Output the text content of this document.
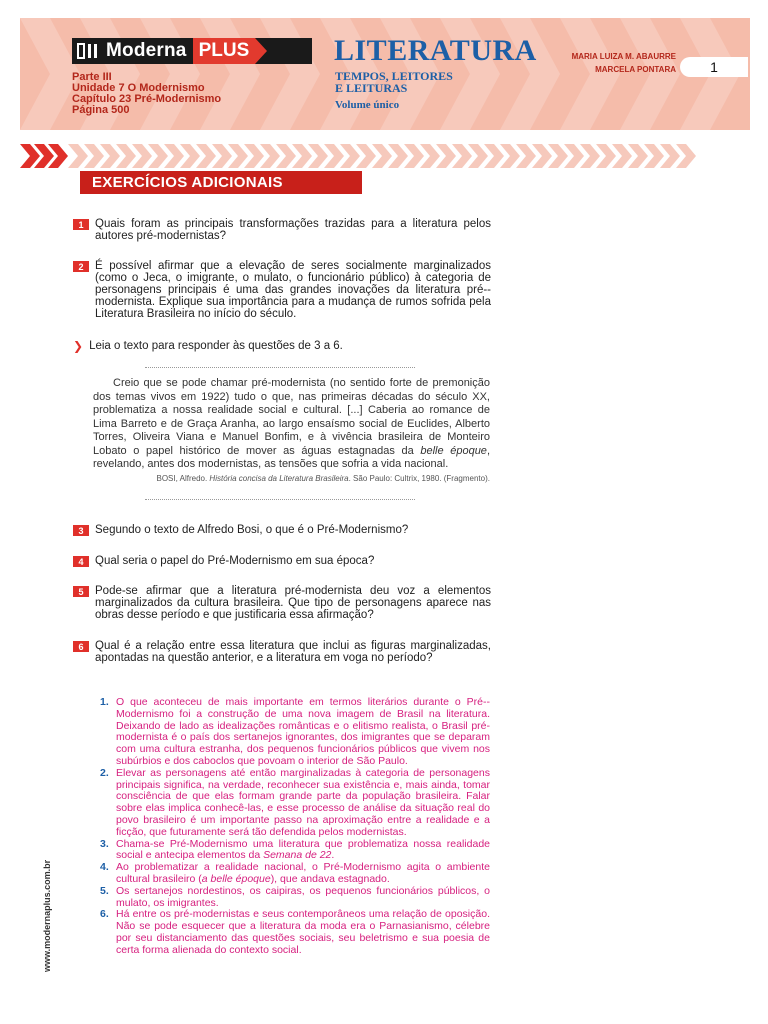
Moderna PLUS
Parte III
Unidade 7 O Modernismo
Capítulo 23 Pré-Modernismo
Página 500
LITERATURA
TEMPOS, LEITORES
E LEITURAS
Volume único
MARIA LUIZA M. ABAURRE
MARCELA PONTARA	1
EXERCÍCIOS ADICIONAIS
1	Quais foram as principais transformações trazidas para a literatura pelos autores pré-modernistas?
2	É possível afirmar que a elevação de seres socialmente marginalizados (como o Jeca, o imigrante, o mulato, o funcionário público) à categoria de personagens principais é uma das grandes inovações da literatura pré--modernista. Explique sua importância para a mudança de rumos sofrida pela Literatura Brasileira no início do século.
❯ Leia o texto para responder às questões de 3 a 6.
Creio que se pode chamar pré-modernista (no sentido forte de premonição dos temas vivos em 1922) tudo o que, nas primeiras décadas do século XX, problematiza a nossa realidade social e cultural. [...] Caberia ao romance de Lima Barreto e de Graça Aranha, ao largo ensaísmo social de Euclides, Alberto Torres, Oliveira Viana e Manuel Bonfim, e à vivência brasileira de Monteiro Lobato o papel histórico de mover as águas estagnadas da belle époque, revelando, antes dos modernistas, as tensões que sofria a vida nacional.
BOSI, Alfredo. História concisa da Literatura Brasileira. São Paulo: Cultrix, 1980. (Fragmento).
3	Segundo o texto de Alfredo Bosi, o que é o Pré-Modernismo?
4	Qual seria o papel do Pré-Modernismo em sua época?
5	Pode-se afirmar que a literatura pré-modernista deu voz a elementos marginalizados da cultura brasileira. Que tipo de personagens aparece nas obras desse período e que justificaria essa afirmação?
6	Qual é a relação entre essa literatura que inclui as figuras marginalizadas, apontadas na questão anterior, e a literatura em voga no período?
1. O que aconteceu de mais importante em termos literários durante o Pré--Modernismo foi a construção de uma nova imagem de Brasil na literatura. Deixando de lado as idealizações românticas e o elitismo realista, o Brasil pré-modernista é o país dos sertanejos ignorantes, dos imigrantes que se deparam com uma cultura estranha, dos pequenos funcionários públicos que vivem nos subúrbios e dos caboclos que povoam o interior de São Paulo.
2. Elevar as personagens até então marginalizadas à categoria de personagens principais significa, na verdade, reconhecer sua existência e, mais ainda, tomar consciência de que elas formam grande parte da população brasileira. Falar sobre elas implica conhecê-las, e esse processo de análise da situação real do povo brasileiro é um importante passo na aproximação entre a realidade e a ficção, que futuramente será tão defendida pelos modernistas.
3. Chama-se Pré-Modernismo uma literatura que problematiza nossa realidade social e antecipa elementos da Semana de 22.
4. Ao problematizar a realidade nacional, o Pré-Modernismo agita o ambiente cultural brasileiro (a belle époque), que andava estagnado.
5. Os sertanejos nordestinos, os caipiras, os pequenos funcionários públicos, o mulato, os imigrantes.
6. Há entre os pré-modernistas e seus contemporâneos uma relação de oposição. Não se pode esquecer que a literatura da moda era o Parnasianismo, célebre por seu distanciamento das questões sociais, seu beletrismo e sua poesia de certa forma alienada do contexto social.
www.modernaplus.com.br
